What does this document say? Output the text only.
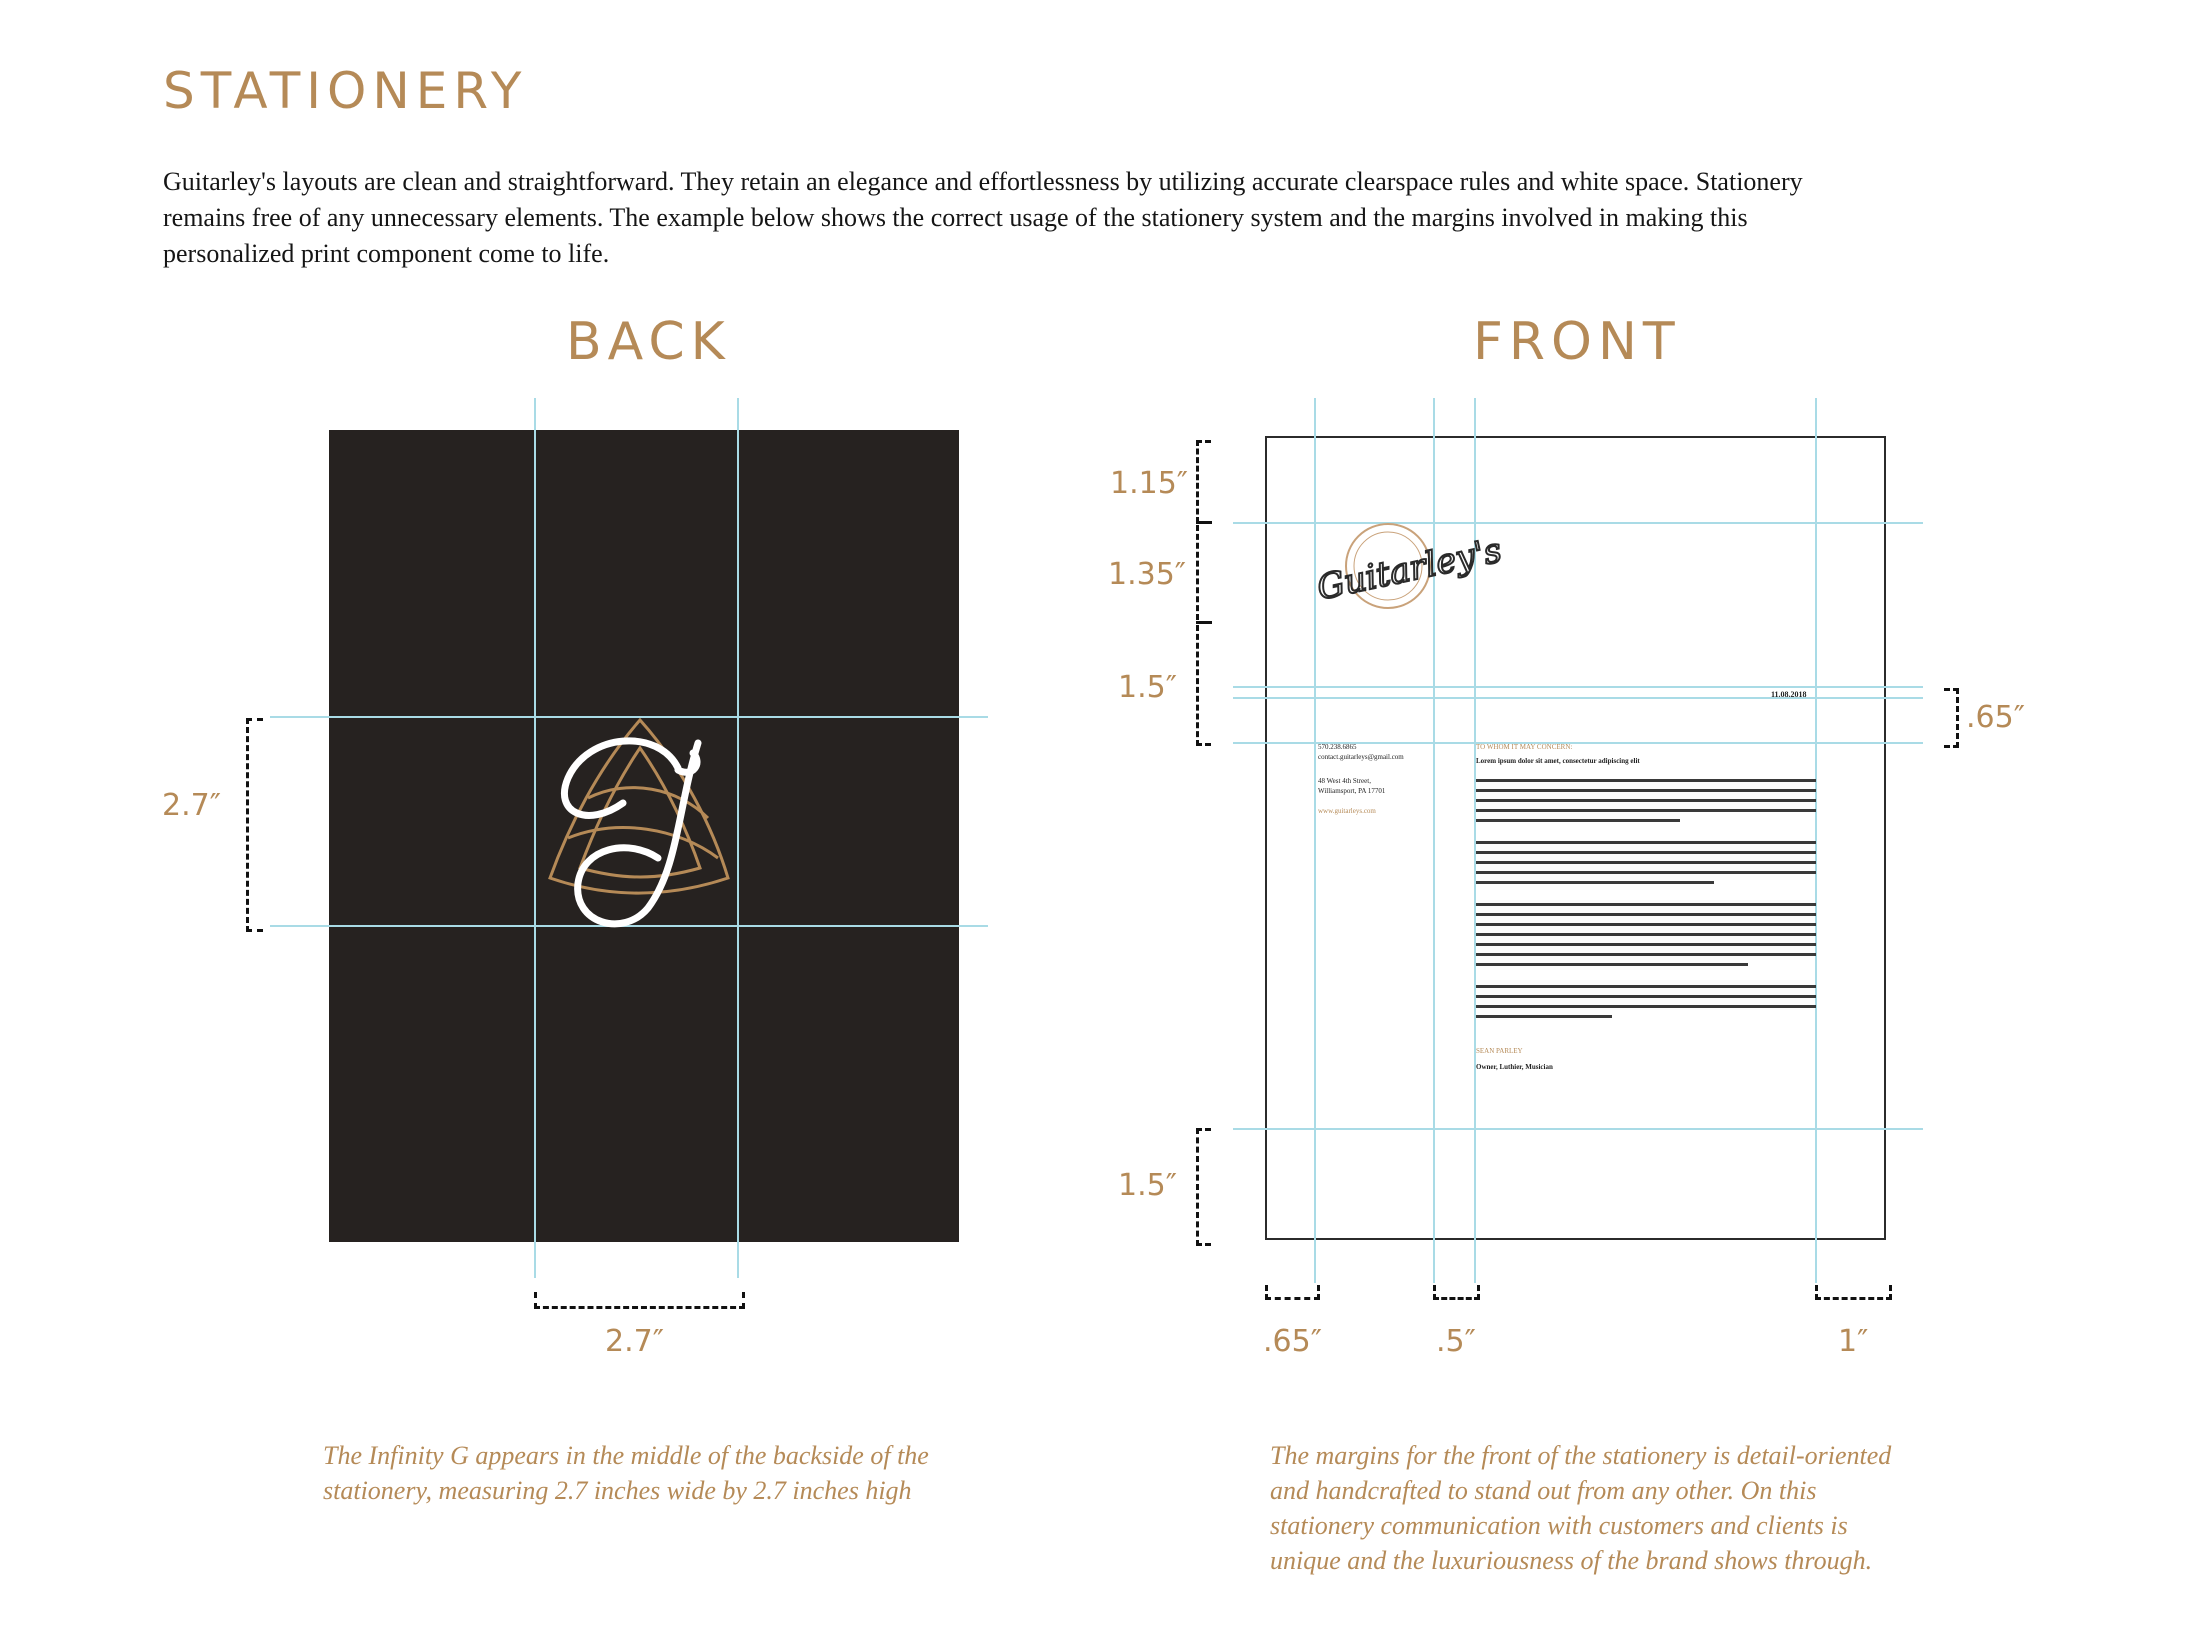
STATIONERY

Guitarley's layouts are clean and straightforward. They retain an elegance and effortlessness by utilizing accurate clearspace rules and white space. Stationery remains free of any unnecessary elements. The example below shows the correct usage of the stationery system and the margins involved in making this personalized print component come to life.

BACK
2.7″
2.7″

The Infinity G appears in the middle of the backside of the stationery, measuring 2.7 inches wide by 2.7 inches high

FRONT
Guitarley's
11.08.2018
570.238.6865
contact.guitarleys@gmail.com
48 West 4th Street,
Williamsport, PA 17701
www.guitarleys.com
TO WHOM IT MAY CONCERN:
Lorem ipsum dolor sit amet, consectetur adipiscing elit
SEAN PARLEY
Owner, Luthier, Musician
1.15″
1.35″
1.5″
1.5″
.65″
.65″	.5″	1″

The margins for the front of the stationery is detail-oriented and handcrafted to stand out from any other. On this stationery communication with customers and clients is unique and the luxuriousness of the brand shows through.
